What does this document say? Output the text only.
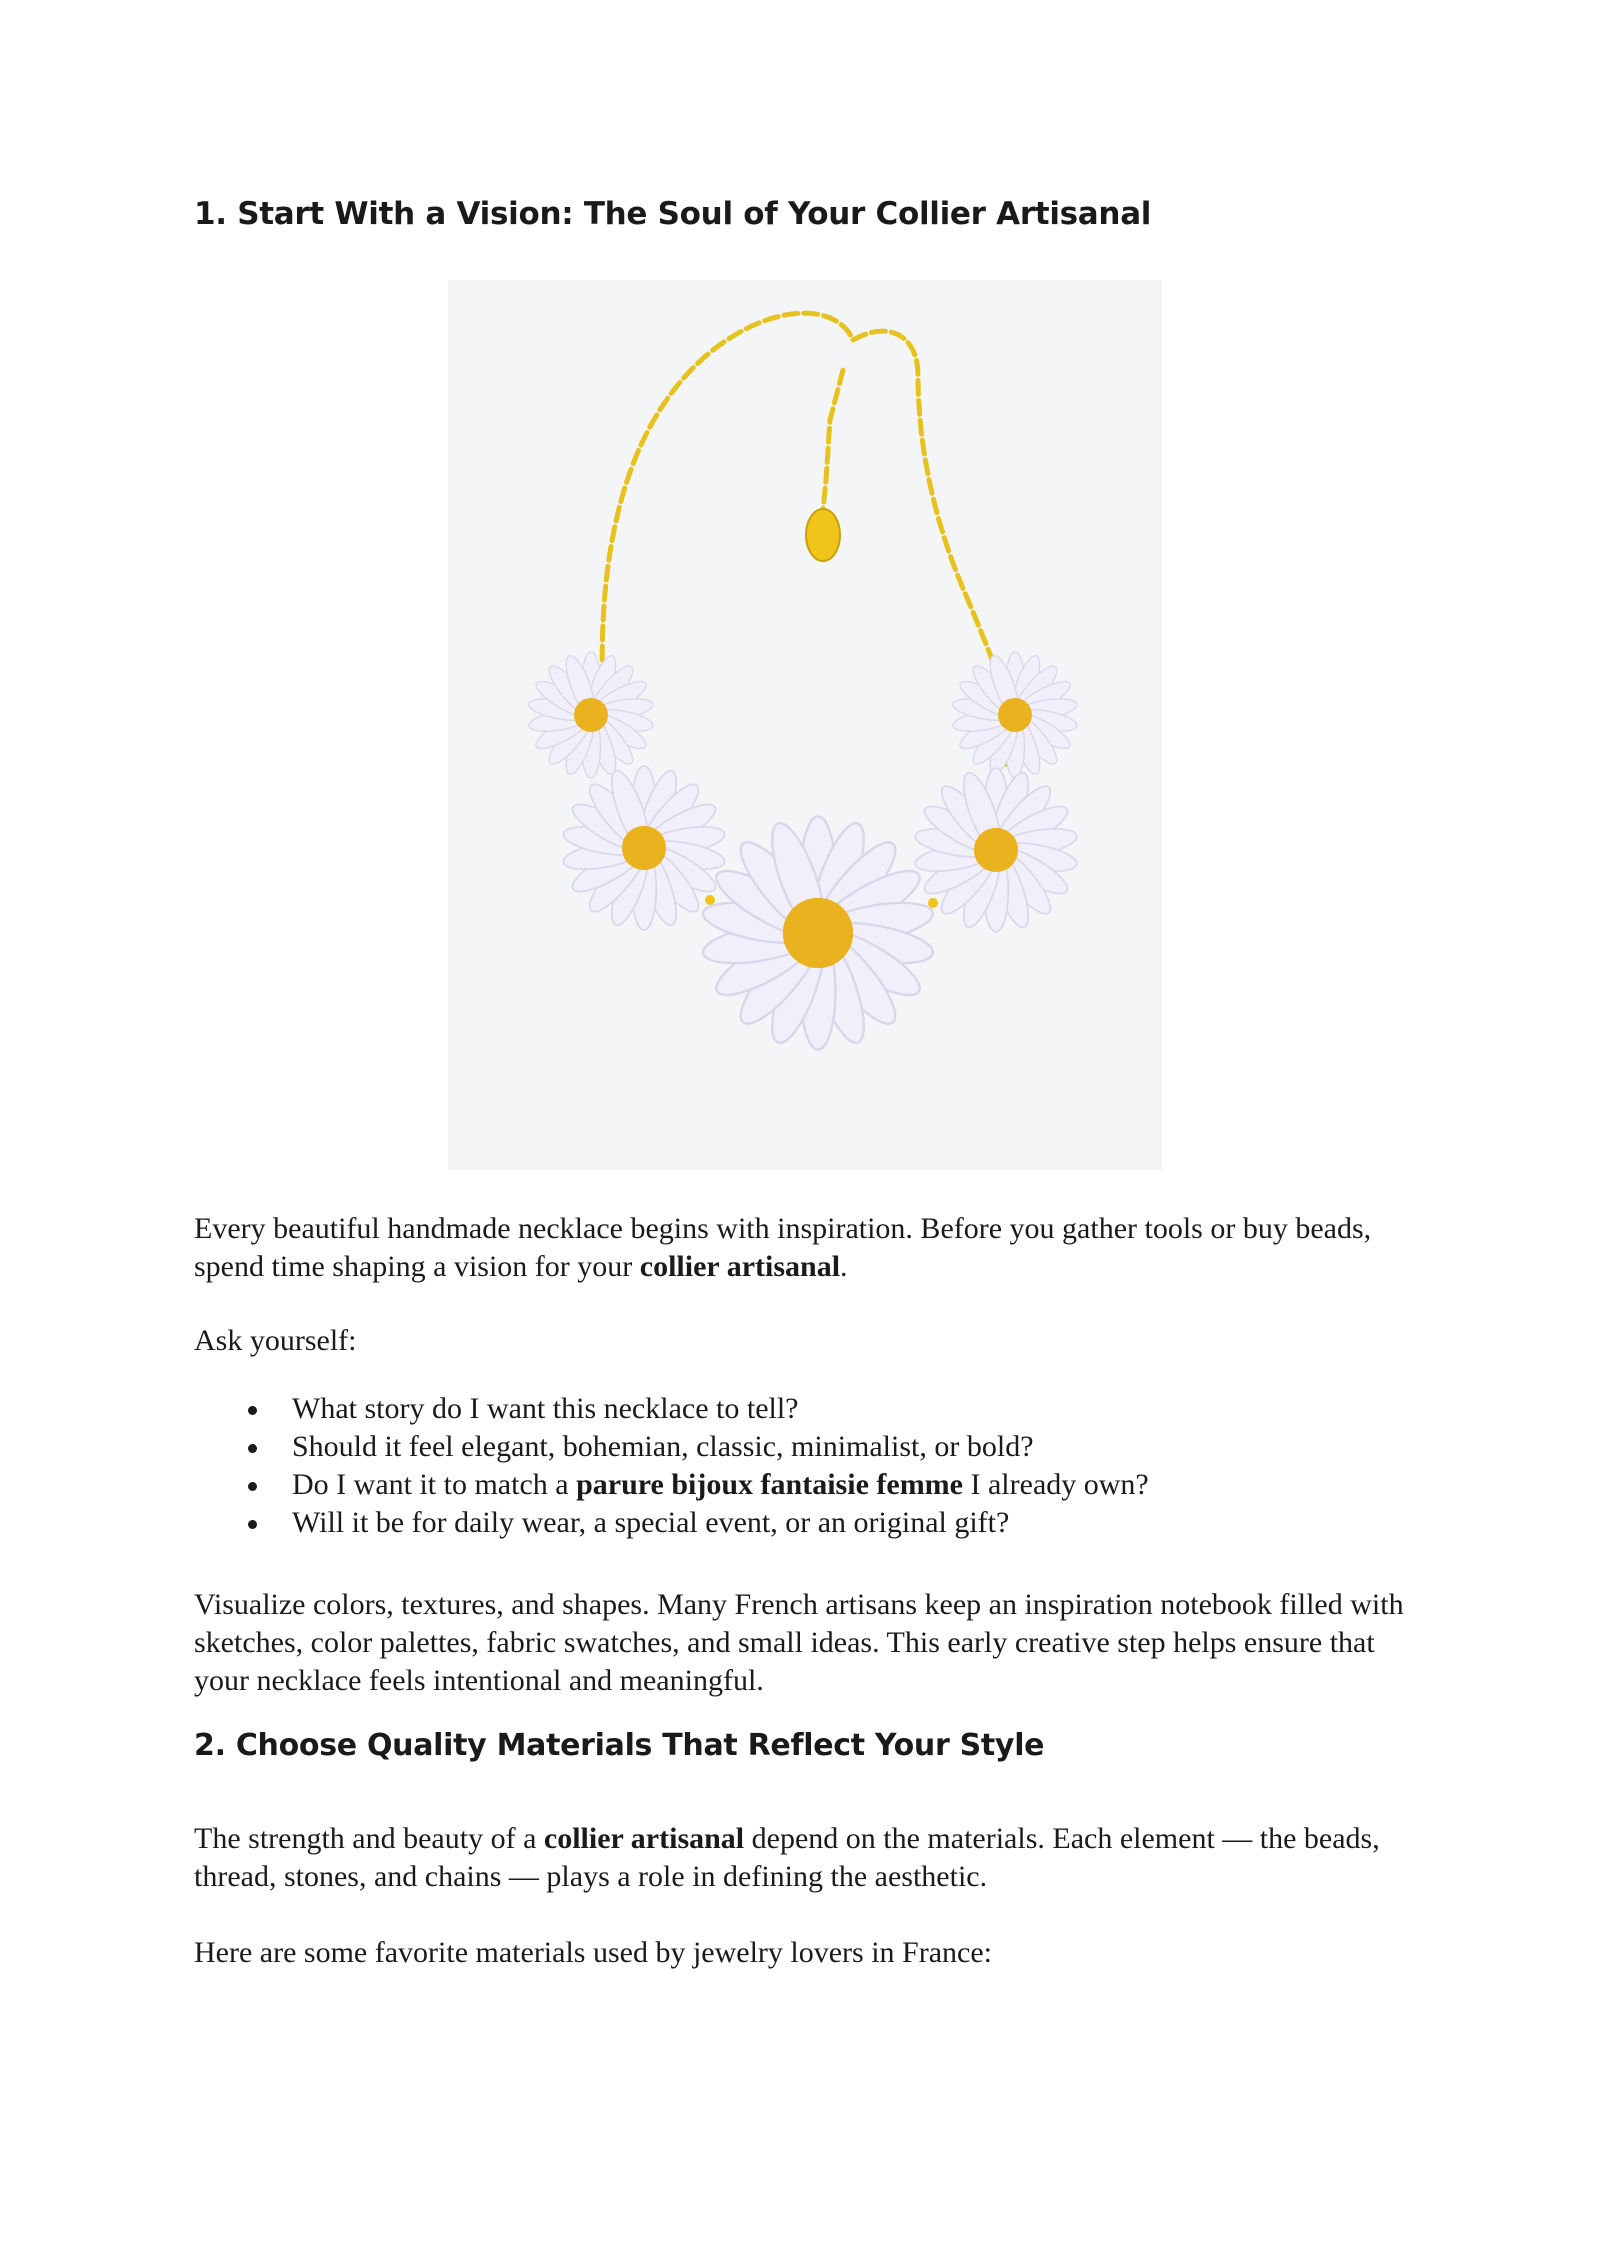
1. Start With a Vision: The Soul of Your Collier Artisanal

Every beautiful handmade necklace begins with inspiration. Before you gather tools or buy beads, spend time shaping a vision for your collier artisanal.

Ask yourself:

What story do I want this necklace to tell?
Should it feel elegant, bohemian, classic, minimalist, or bold?
Do I want it to match a parure bijoux fantaisie femme I already own?
Will it be for daily wear, a special event, or an original gift?

Visualize colors, textures, and shapes. Many French artisans keep an inspiration notebook filled with sketches, color palettes, fabric swatches, and small ideas. This early creative step helps ensure that your necklace feels intentional and meaningful.

2. Choose Quality Materials That Reflect Your Style

The strength and beauty of a collier artisanal depend on the materials. Each element — the beads, thread, stones, and chains — plays a role in defining the aesthetic.

Here are some favorite materials used by jewelry lovers in France:
